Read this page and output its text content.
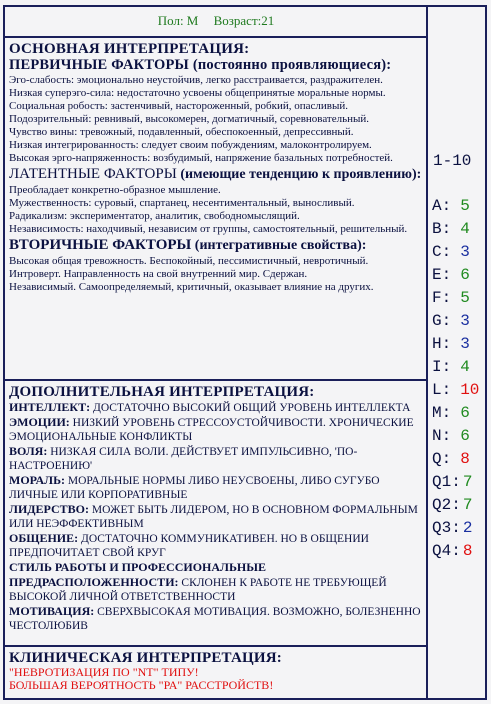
Пол: М Возраст:21
ОСНОВНАЯ ИНТЕРПРЕТАЦИЯ:
ПЕРВИЧНЫЕ ФАКТОРЫ (постоянно проявляющиеся):
Эго-слабость: эмоционально неустойчив, легко расстраивается, раздражителен.
Низкая суперэго-сила: недостаточно усвоены общепринятые моральные нормы.
Социальная робость: застенчивый, настороженный, робкий, опасливый.
Подозрительный: ревнивый, высокомерен, догматичный, соревновательный.
Чувство вины: тревожный, подавленный, обеспокоенный, депрессивный.
Низкая интегрированность: следует своим побуждениям, малоконтролируем.
Высокая эрго-напряженность: возбудимый, напряжение базальных потребностей.
ЛАТЕНТНЫЕ ФАКТОРЫ (имеющие тенденцию к проявлению):
Преобладает конкретно-образное мышление.
Мужественность: суровый, спартанец, несентиментальный, выносливый.
Радикализм: экспериментатор, аналитик, свободномыслящий.
Независимость: находчивый, независим от группы, самостоятельный, решительный.
ВТОРИЧНЫЕ ФАКТОРЫ (интегративные свойства):
Высокая общая тревожность. Беспокойный, пессимистичный, невротичный.
Интроверт. Направленность на свой внутренний мир. Сдержан.
Независимый. Самоопределяемый, критичный, оказывает влияние на других.
ДОПОЛНИТЕЛЬНАЯ ИНТЕРПРЕТАЦИЯ:
ИНТЕЛЛЕКТ: ДОСТАТОЧНО ВЫСОКИЙ ОБЩИЙ УРОВЕНЬ ИНТЕЛЛЕКТА
ЭМОЦИИ: НИЗКИЙ УРОВЕНЬ СТРЕССОУСТОЙЧИВОСТИ. ХРОНИЧЕСКИЕ ЭМОЦИОНАЛЬНЫЕ КОНФЛИКТЫ
ВОЛЯ: НИЗКАЯ СИЛА ВОЛИ. ДЕЙСТВУЕТ ИМПУЛЬСИВНО, 'ПО-НАСТРОЕНИЮ'
МОРАЛЬ: МОРАЛЬНЫЕ НОРМЫ ЛИБО НЕУСВОЕНЫ, ЛИБО СУГУБО ЛИЧНЫЕ ИЛИ КОРПОРАТИВНЫЕ
ЛИДЕРСТВО: МОЖЕТ БЫТЬ ЛИДЕРОМ, НО В ОСНОВНОМ ФОРМАЛЬНЫМ ИЛИ НЕЭФФЕКТИВНЫМ
ОБЩЕНИЕ: ДОСТАТОЧНО КОММУНИКАТИВЕН. НО В ОБЩЕНИИ ПРЕДПОЧИТАЕТ СВОЙ КРУГ
СТИЛЬ РАБОТЫ И ПРОФЕССИОНАЛЬНЫЕ ПРЕДРАСПОЛОЖЕННОСТИ: СКЛОНЕН К РАБОТЕ НЕ ТРЕБУЮЩЕЙ ВЫСОКОЙ ЛИЧНОЙ ОТВЕТСТВЕННОСТИ
МОТИВАЦИЯ: СВЕРХВЫСОКАЯ МОТИВАЦИЯ. ВОЗМОЖНО, БОЛЕЗНЕННО ЧЕСТОЛЮБИВ
КЛИНИЧЕСКАЯ ИНТЕРПРЕТАЦИЯ:
"НЕВРОТИЗАЦИЯ ПО "NT" ТИПУ!
БОЛЬШАЯ ВЕРОЯТНОСТЬ "РА" РАССТРОЙСТВ!
1-10
A: 5
B: 4
C: 3
E: 6
F: 5
G: 3
H: 3
I: 4
L: 10
M: 6
N: 6
Q: 8
Q1: 7
Q2: 7
Q3: 2
Q4: 8
